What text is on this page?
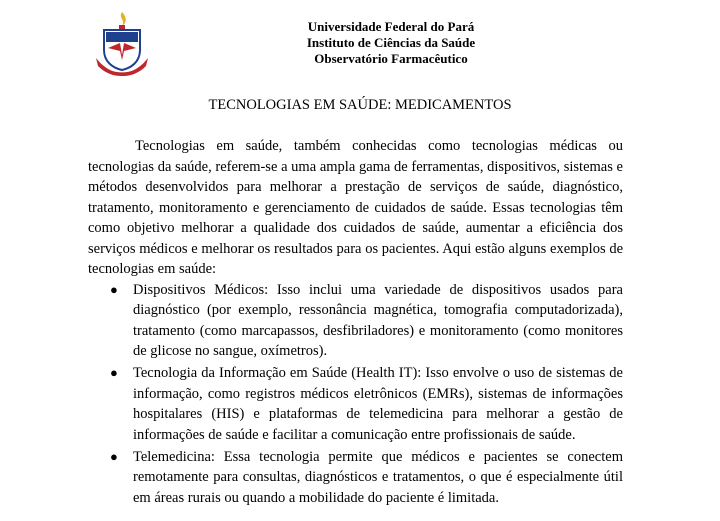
Universidade Federal do Pará
Instituto de Ciências da Saúde
Observatório Farmacêutico
TECNOLOGIAS EM SAÚDE: MEDICAMENTOS

Tecnologias em saúde, também conhecidas como tecnologias médicas ou tecnologias da saúde, referem-se a uma ampla gama de ferramentas, dispositivos, sistemas e métodos desenvolvidos para melhorar a prestação de serviços de saúde, diagnóstico, tratamento, monitoramento e gerenciamento de cuidados de saúde. Essas tecnologias têm como objetivo melhorar a qualidade dos cuidados de saúde, aumentar a eficiência dos serviços médicos e melhorar os resultados para os pacientes. Aqui estão alguns exemplos de tecnologias em saúde:

● Dispositivos Médicos: Isso inclui uma variedade de dispositivos usados para diagnóstico (por exemplo, ressonância magnética, tomografia computadorizada), tratamento (como marcapassos, desfibriladores) e monitoramento (como monitores de glicose no sangue, oxímetros).
● Tecnologia da Informação em Saúde (Health IT): Isso envolve o uso de sistemas de informação, como registros médicos eletrônicos (EMRs), sistemas de informações hospitalares (HIS) e plataformas de telemedicina para melhorar a gestão de informações de saúde e facilitar a comunicação entre profissionais de saúde.
● Telemedicina: Essa tecnologia permite que médicos e pacientes se conectem remotamente para consultas, diagnósticos e tratamentos, o que é especialmente útil em áreas rurais ou quando a mobilidade do paciente é limitada.
